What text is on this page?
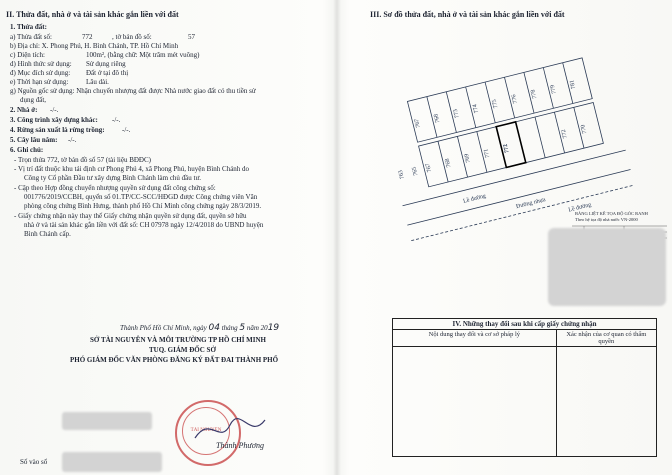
II. Thửa đất, nhà ở và tài sản khác gắn liền với đất
1. Thửa đất:
a) Thửa đất số:	772	, tờ bản đồ số:	57
b) Địa chỉ: X. Phong Phú, H. Bình Chánh, TP. Hồ Chí Minh
c) Diện tích:	100m², (bằng chữ: Một trăm mét vuông)
d) Hình thức sử dụng: Sử dụng riêng
đ) Mục đích sử dụng: Đất ở tại đô thị
e) Thời hạn sử dụng:	Lâu dài.
g) Nguồn gốc sử dụng: Nhận chuyển nhượng đất được Nhà nước giao đất có thu tiền sử
dụng đất,
2. Nhà ở: -/-.
3. Công trình xây dựng khác: -/-.
4. Rừng sản xuất là rừng trồng: -/-.
5. Cây lâu năm: -/-.
6. Ghi chú:
- Trọn thửa 772, tờ bản đồ số 57 (tài liệu BĐĐC)
- Vị trí đất thuộc khu tái định cư Phong Phú 4, xã Phong Phú, huyện Bình Chánh do
Công ty Cổ phần Đầu tư xây dựng Bình Chánh làm chủ đầu tư.
- Cập theo Hợp đồng chuyển nhượng quyền sử dụng đất công chứng số:
001776/2019/CCBH, quyển số 01.TP/CC-SCC/HĐGD được Công chứng viên Văn
phòng công chứng Bình Hưng, thành phố Hồ Chí Minh công chứng ngày 28/3/2019.
- Giấy chứng nhận này thay thế Giấy chứng nhận quyền sử dụng đất, quyền sở hữu
nhà ở và tài sản khác gắn liền với đất số: CH 07978 ngày 12/4/2018 do UBND huyện
Bình Chánh cấp.
Thành Phố Hồ Chí Minh, ngày 04 tháng 5 năm 2019
SỞ TÀI NGUYÊN VÀ MÔI TRƯỜNG TP HỒ CHÍ MINH
TUQ. GIÁM ĐỐC SỞ
PHÓ GIÁM ĐỐC VĂN PHÒNG ĐĂNG KÝ ĐẤT ĐAI THÀNH PHỐ
TÀI NGUYÊN
Thành Phương
Số vào sổ
III. Sơ đồ thửa đất, nhà ở và tài sản khác gắn liền với đất
781
779
778
776
775
774
773
768
767
770
772
772
771
769
768
767
765
763
Lề đường	Đường nhựa	Lề đường
BẢNG LIỆT KÊ TỌA ĐỘ GÓC RANH
Theo hệ tọa độ nhà nước VN-2000
IV. Những thay đổi sau khi cấp giấy chứng nhận	
Nội dung thay đổi và cơ sở pháp lý	Xác nhận của cơ quan có thẩm quyền
